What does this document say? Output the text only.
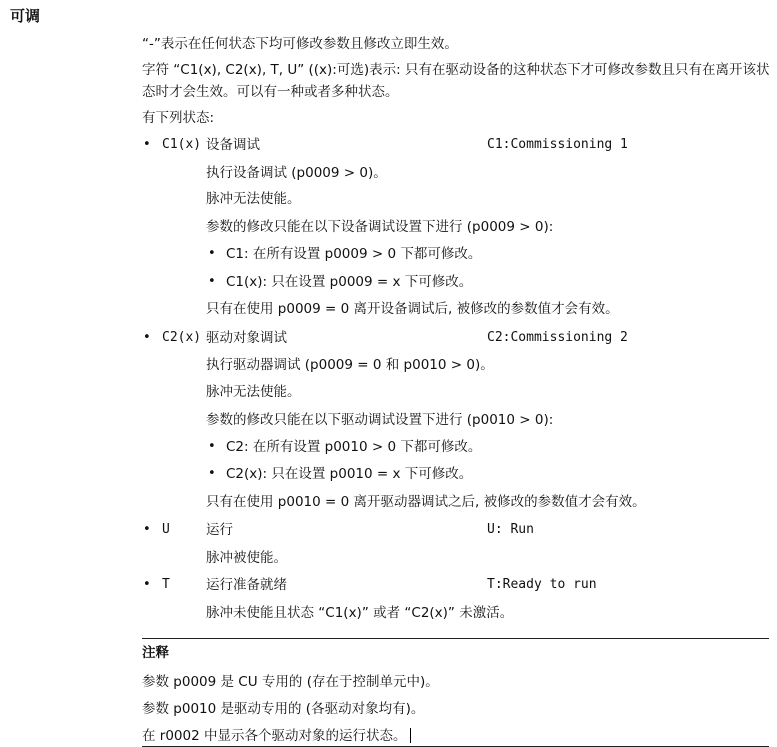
可调
“-”表示在任何状态下均可修改参数且修改立即生效。
字符 “C1(x), C2(x), T, U” ((x):可选)表示: 只有在驱动设备的这种状态下才可修改参数且只有在离开该状态时才会生效。可以有一种或者多种状态。
有下列状态:
• C1(x) 设备调试	C1:Commissioning 1
执行设备调试 (p0009 > 0)。
脉冲无法使能。
参数的修改只能在以下设备调试设置下进行 (p0009 > 0):
• C1: 在所有设置 p0009 > 0 下都可修改。
• C1(x): 只在设置 p0009 = x 下可修改。
只有在使用 p0009 = 0 离开设备调试后, 被修改的参数值才会有效。
• C2(x) 驱动对象调试	C2:Commissioning 2
执行驱动器调试 (p0009 = 0 和 p0010 > 0)。
脉冲无法使能。
参数的修改只能在以下驱动调试设置下进行 (p0010 > 0):
• C2: 在所有设置 p0010 > 0 下都可修改。
• C2(x): 只在设置 p0010 = x 下可修改。
只有在使用 p0010 = 0 离开驱动器调试之后, 被修改的参数值才会有效。
• U	运行	U: Run
脉冲被使能。
• T	运行准备就绪	T:Ready to run
脉冲未使能且状态 “C1(x)” 或者 “C2(x)” 未激活。
注释
参数 p0009 是 CU 专用的 (存在于控制单元中)。
参数 p0010 是驱动专用的 (各驱动对象均有)。
在 r0002 中显示各个驱动对象的运行状态。
